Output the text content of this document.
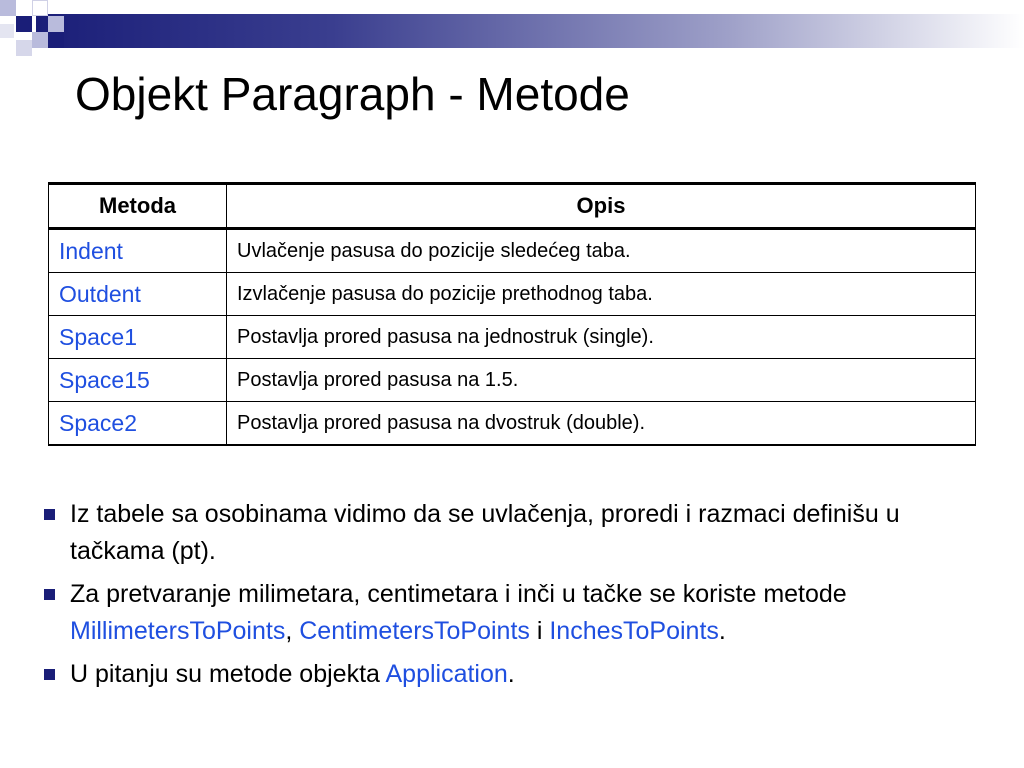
Objekt Paragraph - Metode
Metoda	Opis
Indent	Uvlačenje pasusa do pozicije sledećeg taba.
Outdent	Izvlačenje pasusa do pozicije prethodnog taba.
Space1	Postavlja prored pasusa na jednostruk (single).
Space15	Postavlja prored pasusa na 1.5.
Space2	Postavlja prored pasusa na dvostruk (double).
Iz tabele sa osobinama vidimo da se uvlačenja, proredi i razmaci definišu u tačkama (pt).
Za pretvaranje milimetara, centimetara i inči u tačke se koriste metode MillimetersToPoints, CentimetersToPoints i InchesToPoints.
U pitanju su metode objekta Application.
